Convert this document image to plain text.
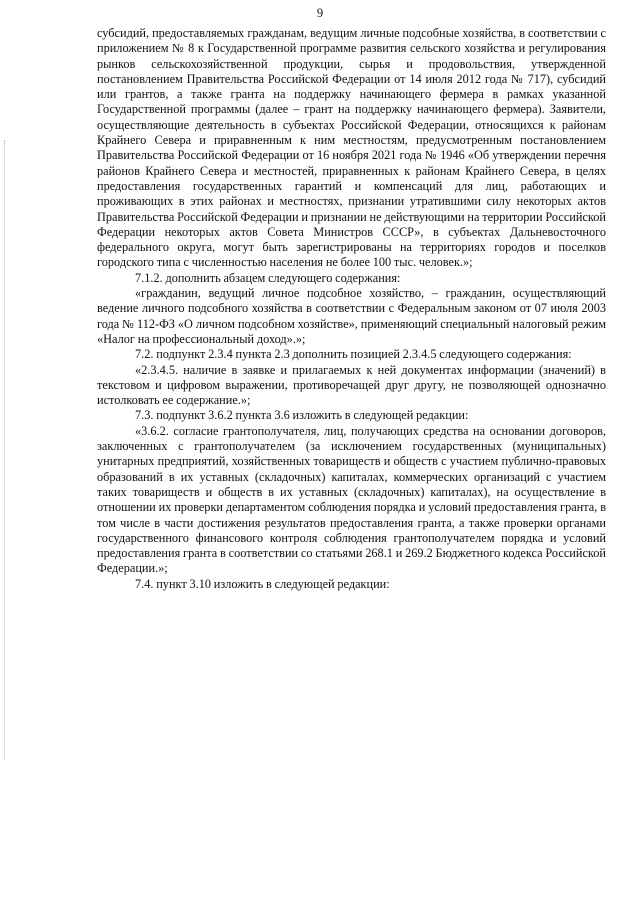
9

субсидий, предоставляемых гражданам, ведущим личные подсобные хозяйства, в соответствии с приложением № 8 к Государственной программе развития сельского хозяйства и регулирования рынков сельскохозяйственной продукции, сырья и продовольствия, утвержденной постановлением Правительства Российской Федерации от 14 июля 2012 года № 717), субсидий или грантов, а также гранта на поддержку начинающего фермера в рамках указанной Государственной программы (далее – грант на поддержку начинающего фермера). Заявители, осуществляющие деятельность в субъектах Российской Федерации, относящихся к районам Крайнего Севера и приравненным к ним местностям, предусмотренным постановлением Правительства Российской Федерации от 16 ноября 2021 года № 1946 «Об утверждении перечня районов Крайнего Севера и местностей, приравненных к районам Крайнего Севера, в целях предоставления государственных гарантий и компенсаций для лиц, работающих и проживающих в этих районах и местностях, признании утратившими силу некоторых актов Правительства Российской Федерации и признании не действующими на территории Российской Федерации некоторых актов Совета Министров СССР», в субъектах Дальневосточного федерального округа, могут быть зарегистрированы на территориях городов и поселков городского типа с численностью населения не более 100 тыс. человек.»;

7.1.2. дополнить абзацем следующего содержания:

«гражданин, ведущий личное подсобное хозяйство, – гражданин, осуществляющий ведение личного подсобного хозяйства в соответствии с Федеральным законом от 07 июля 2003 года № 112-ФЗ «О личном подсобном хозяйстве», применяющий специальный налоговый режим «Налог на профессиональный доход».»;

7.2. подпункт 2.3.4 пункта 2.3 дополнить позицией 2.3.4.5 следующего содержания:

«2.3.4.5. наличие в заявке и прилагаемых к ней документах информации (значений) в текстовом и цифровом выражении, противоречащей друг другу, не позволяющей однозначно истолковать ее содержание.»;

7.3. подпункт 3.6.2 пункта 3.6 изложить в следующей редакции:

«3.6.2. согласие грантополучателя, лиц, получающих средства на основании договоров, заключенных с грантополучателем (за исключением государственных (муниципальных) унитарных предприятий, хозяйственных товариществ и обществ с участием публично-правовых образований в их уставных (складочных) капиталах, коммерческих организаций с участием таких товариществ и обществ в их уставных (складочных) капиталах), на осуществление в отношении их проверки департаментом соблюдения порядка и условий предоставления гранта, в том числе в части достижения результатов предоставления гранта, а также проверки органами государственного финансового контроля соблюдения грантополучателем порядка и условий предоставления гранта в соответствии со статьями 268.1 и 269.2 Бюджетного кодекса Российской Федерации.»;

7.4. пункт 3.10 изложить в следующей редакции:
